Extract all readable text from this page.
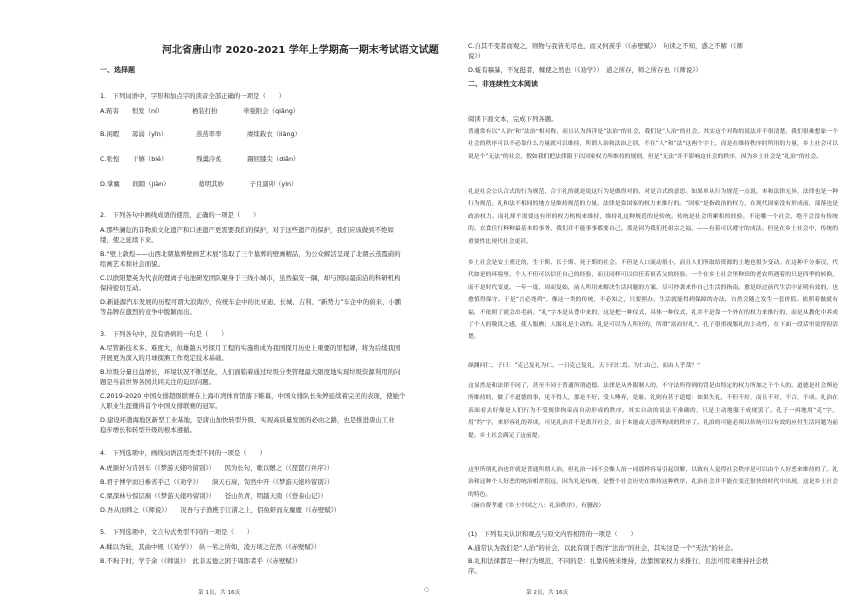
河北省唐山市 2020-2021 学年上学期高一期末考试语文试题
一、选择题
1.　下列词语中，字形和加点字的读音全部正确的一项是（　　）
A.跖害　　怛发（ní）　　　　　栖装打扮　　　　牵强附会（qiǎng）
B.闲暇　　孱弱（yǐn）　　　　　蒸蒸率率　　　　赓续载衣（liàng）
C.张惶　　干嬉（bié）　　　　　残羹冷炙　　　　蹑屁膝尖（diǎn）
D.掌麋　　间隙（jiàn）　　　　　葛明其妙　　　　子且濡卯（yín）
2.　下列各句中画线成语的使用，正确的一项是（　　）
A.那些澜危的非物质文化遗产和口述遗产更需要我们的保护，对于这些遗产的保护，我们应该做到不绝如
缕，使之延续下来。
B.“壁上敦煌——山西北朝墓葬壁画艺术展”选取了三个墓葬的壁画精品，为公众解活呈现了北朝云蒸霞蔚的
绘画艺术和社会面貌。
C.以欧阳楚英为代表的锂离子电池研发团队聚身于三线小城市，虽然偏安一隅，却与国际最前沿的科研机构
保持密切互动。
D.新能源汽车发展的历程可谓大浪淘沙，传统车企中的比亚迪、长城、吉利、“新势力”车企中的蔚来、小鹏
等品牌在激烈的竞争中脱颖而出。
3.　下列各句中，没有语病的一句是（　　）
A.尽管新技术多、难度大，但雄越五号探月工程的实施将成为我国探月历史上重要的里程碑，将为后续我国
开展更为深入的月球探测工作奠定技术基础。
B.垃圾分量日益增长，环境状况不断恶化，人们面临着通过垃圾分类管理最大限度地实现垃圾资源利用的问
题是当前世界各国共同关注的迫切问题。
C.2019-2020 中国女排超级联赛在上海市湾体育馆落下帷幕，中国女排队长朱婷延续着完美的表现，使她个
人职业生涯獲得首个中国女排联赛的冠军。
D.建设环渤海地区新型工业基地，是唐山加快转型升级、实现高质量发展的必由之路，也是推进唐山工业
稳步增长和转型升级的根本遵循。
4.　下列选项中，画线词语活用类型不同的一项是（　　）
A.虎颔好匀肯回车（《梦游天姥吟留别》）　　因为长句，歌以赠之（《琵琶行并序》）
B.君子博学而日参省乎己（《劝学》）　　洞天石扉，訇然中开（《梦游天姥吟留别》）
C.栗深林兮惊层巅（《梦游天姥吟留别》）　　苍山负青，明越天南（《登泰山记》）
D.吾从而师之（《师说》）　　况吾与子渔樵于江渚之上，侣鱼虾而友麋鹿（《赤壁赋》）
5.　下列选项中，文言句式类型不同的一项是（　　）
A.輮以为轮，其曲中规（《劝学》）　纵一苇之所如，凌万顷之茫然（《赤壁赋》）
B.不拘于时，学于余（《师说》）　此非孟德之困于周郎者乎（《赤壁赋》）
第 1页，共 16页	○
C.自其不变者而观之，则物与我皆无尽也，而又何羡乎（《赤壁赋》）　句读之不知，惑之不解（《师
说》）
D.蚯有稿暴，不复挺者，輮使之然也（《劝学》）　道之所存，师之所存也（《师说》）
二、非连续性文本阅读
阅读下面文本，完成下列各题。
普通常有以“人治”和“法治”相对称，而且认为西洋是“法治”的社会，我们是“人治”的社会。其实这个对称的说法并不很清楚。我们很难想象一个社会的秩序可以不必靠什么力量就可以维持，所谓人治和法治之别，不在“人”和“法”这两个字上，而是在维持秩序时所用的力量，乡土社会可以说是个“无法”的社会，假如我们把法律限于以国家权力所维持的规则，但是“无法”并不影响这社会的秩序，因为乡土社会是“礼治”的社会。
礼是社会公认合式的行为规范，合于礼的就是说这行为是做得对的，对是合式的意思。如果单从行为规范一点说，本和法律无异，法律也是一种行为规范。礼和法不相同的地方是维持规范的力量。法律是靠国家的权力来推行的。“国家”是指政治的权力，在现代国家没有形成前，部落也是政治权力。而礼却不需要这有形的权力机构来维持，维持礼这种规范的是传统。传统是社会所累积的经验。不论哪一个社会，绝不会没有传统的。衣食住行种种最基本的事务，我们并不能事事都要自己。那是因为我们托祖宗之福，——有着可以遵守的成法。但是在乡土社会中，传统的重要性比现代社会更甚。
乡土社会是安土重迁的，生于斯、长于斯、死于斯的社会。不但是人口流动很小，而且人们所取给资源的土地也很少变动。在这种不分秦汉，代代如是的环境里，个人不但可以信任自己的经验，而且同样可以信任若祖若父的经验。一个在乡土社会里种田的老农所遇着的只是四季的转换，而不是时代变更。一年一度，周而复始，前人所用来解决生活问题的方案，尽可抄袭来作自己生活的指南。愈是经过前代生活中证明有效的，也愈值得保守。于是“言必尧舜”，像这一类的传统，不必知之，只要照办，生活就能得到保障的办法，自然会随之发生一套价值。依照着做就有福，不依照了就会出毛病。“礼”字本是从豊中来的，这是把一种仪式，具体一种仪式。礼并不是靠一个外在的权力来推行的，而是从教化中养成了个人的敬畏之感，使人服膺；人服礼是主动的。礼是可以为人所好的，所谓“富而好礼”。孔子很重视服礼的主动性，在下面一段话里说得很清楚。
颜渊问仁，子曰：“克己复礼为仁。一日克己复礼，天下归仁焉。为仁由己，而由人乎哉？”
这显然是和法律不同了，甚至不同于普通所谓道德。法律是从外限制人的，不守法所得到的罚是由特定的权力所加之于个人的。道德是社会舆论所维持的，做了不道德的事，见不得人，那是不好；受人唾弃，是耻。礼则有甚于道德：如果失礼，不但不好，而且不对，不合，不成。礼治在表面看去好像是人们行为不受规律拘束而自动形成的秩序。其实自动的说法不准确的，只是主动地服于成规罢了。孔子一再地用“克”字，用“约”字，来形容礼的养成，可见礼治并不是离开社会，由于本能或天意所构成的秩序了。礼治的可能必须以传统可以有效的应付生活问题为前提。乡土社会满足了这前提。
这里所谓礼治也许就是普通所谓人治，但礼治一词不会像人治一词那样容易引起误解，以致有人觉得社会秩序是可以由个人好恶来维持的了。礼治和这种个人好恶的统治相差很远，因为礼是传统，是整个社会历史在维持这种秩序，礼治社会并不能在变迁很快的时代中出现，这是乡土社会的特色。
（摘自费孝通《乡土中国之八：礼治秩序》，有删改）
(1)　下列有关认识和观点与原文内容相符的一项是（　　）
A.通常认为我们是“人治”的社会，以此有别于西洋“法治”的社会，其实这是一个“无法”的社会。
B.礼和法律都是一种行为规范，不同的是：礼靠传统来维持，法靠国家权力来推行，且法可用来维持社会秩
序。
第 2页，共 16页
